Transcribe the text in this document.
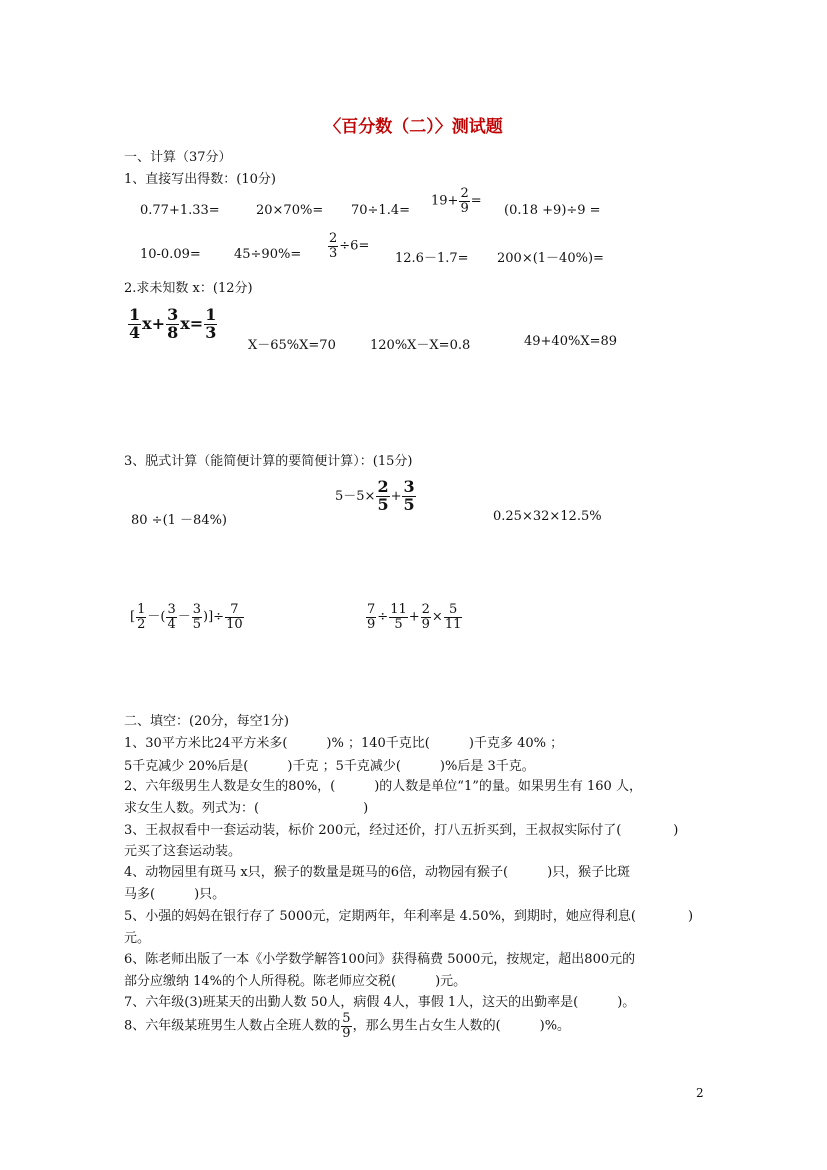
〈百分数（二）〉测试题
一、计算（37分）
1、直接写出得数：(10分)
0.77+1.33=	20×70%= 70÷1.4=
$19+ \frac{2}{9}$ =
(0.18 +9)÷9 =
10-0.09=	$45\div 90\%= \frac{2}{3} \div 6=$
12.6－1.7= 200×(1－40%)=
2.求未知数 x：(12分)
$\frac{1}{4} x+ \frac{3}{8} x= \frac{1}{3}$
X－65%X=70	120%X－X=0.8	49+40%X=89
3、脱式计算（能简便计算的要简便计算）：(15分)
80 ÷(1 －84%)
$5-5\times \frac{2}{5} + \frac{3}{5}$
0.25×32×12.5%
[ $\frac{1}{2}$ －( $\frac{3}{4} - \frac{3}{5}$ )]÷ $\frac{7}{10}$	$\frac{7}{9} \div \frac{11}{5} + \frac{2}{9} \times \frac{5}{11}$
二、填空：(20分，每空1分)
1、30平方米比24平方米多(　　　)% ；140千克比(　　　)千克多 40% ；
5千克减少 20%后是(　　　)千克 ；5千克减少(　　　)%后是 3千克。
2、六年级男生人数是女生的80%，(　　　)的人数是单位“1”的量。如果男生有 160 人，
求女生人数。列式为：(　　　　　　　　)
3、王叔叔看中一套运动装，标价 200元，经过还价，打八五折买到，王叔叔实际付了(　　　　)
元买了这套运动装。
4、动物园里有斑马 x只，猴子的数量是斑马的6倍，动物园有猴子(　　　)只，猴子比斑
马多(　　　)只。
5、小强的妈妈在银行存了 5000元，定期两年，年利率是 4.50%，到期时，她应得利息(　　　　)
元。
6、陈老师出版了一本《小学数学解答100问》获得稿费 5000元，按规定，超出800元的
部分应缴纳 14%的个人所得税。陈老师应交税(　　　)元。
7、六年级(3)班某天的出勤人数 50人，病假 4人，事假 1人，这天的出勤率是(　　　)。
8、六年级某班男生人数占全班人数的 $\frac{5}{9}$ ，那么男生占女生人数的(　　　)%。
2
